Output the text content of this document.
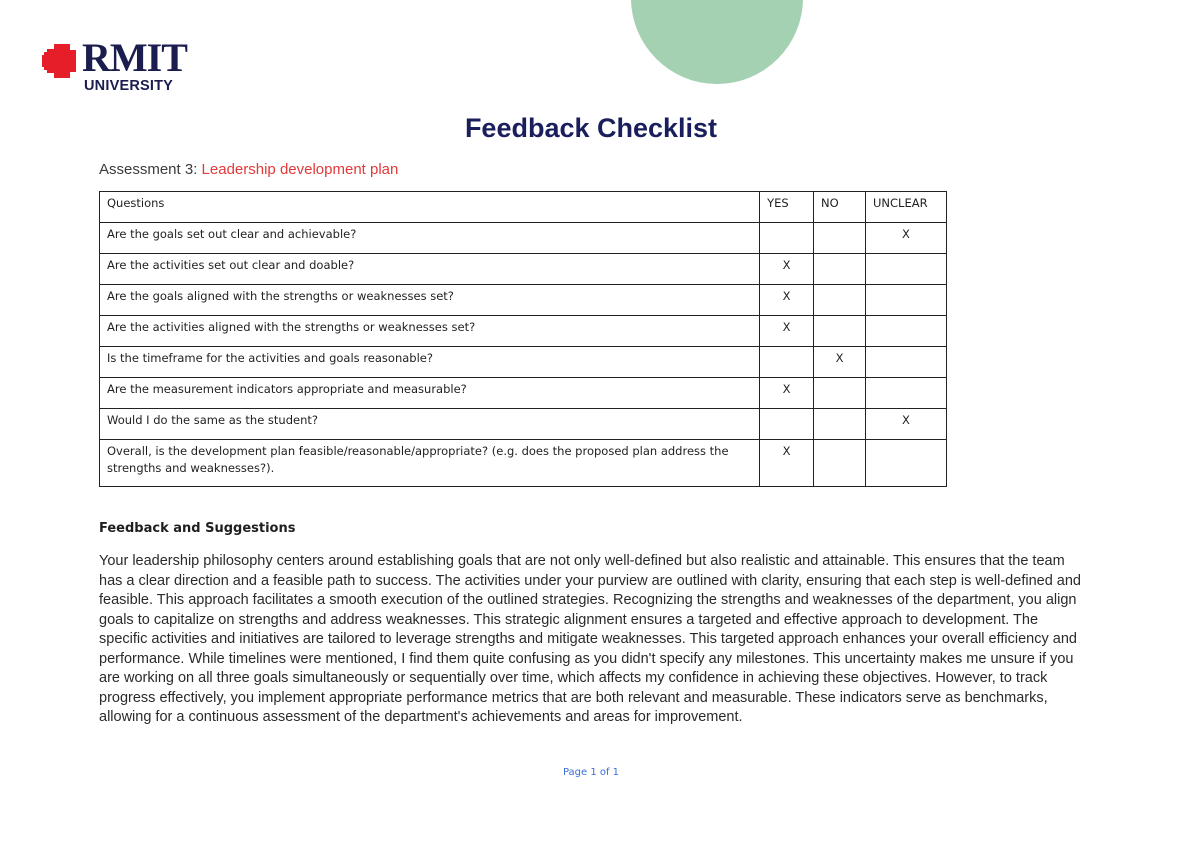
RMIT
UNIVERSITY
Feedback Checklist
Assessment 3: Leadership development plan
Questions	YES	NO	UNCLEAR
Are the goals set out clear and achievable?			X
Are the activities set out clear and doable?	X		
Are the goals aligned with the strengths or weaknesses set?	X		
Are the activities aligned with the strengths or weaknesses set?	X		
Is the timeframe for the activities and goals reasonable?		X	
Are the measurement indicators appropriate and measurable?	X		
Would I do the same as the student?			X
Overall, is the development plan feasible/reasonable/appropriate? (e.g. does the proposed plan address the strengths and weaknesses?).	X		
Feedback and Suggestions
Your leadership philosophy centers around establishing goals that are not only well-defined but also realistic and attainable. This ensures that the team has a clear direction and a feasible path to success. The activities under your purview are outlined with clarity, ensuring that each step is well-defined and feasible. This approach facilitates a smooth execution of the outlined strategies. Recognizing the strengths and weaknesses of the department, you align goals to capitalize on strengths and address weaknesses. This strategic alignment ensures a targeted and effective approach to development. The specific activities and initiatives are tailored to leverage strengths and mitigate weaknesses. This targeted approach enhances your overall efficiency and performance. While timelines were mentioned, I find them quite confusing as you didn't specify any milestones. This uncertainty makes me unsure if you are working on all three goals simultaneously or sequentially over time, which affects my confidence in achieving these objectives. However, to track progress effectively, you implement appropriate performance metrics that are both relevant and measurable. These indicators serve as benchmarks, allowing for a continuous assessment of the department's achievements and areas for improvement.
Page 1 of 1
